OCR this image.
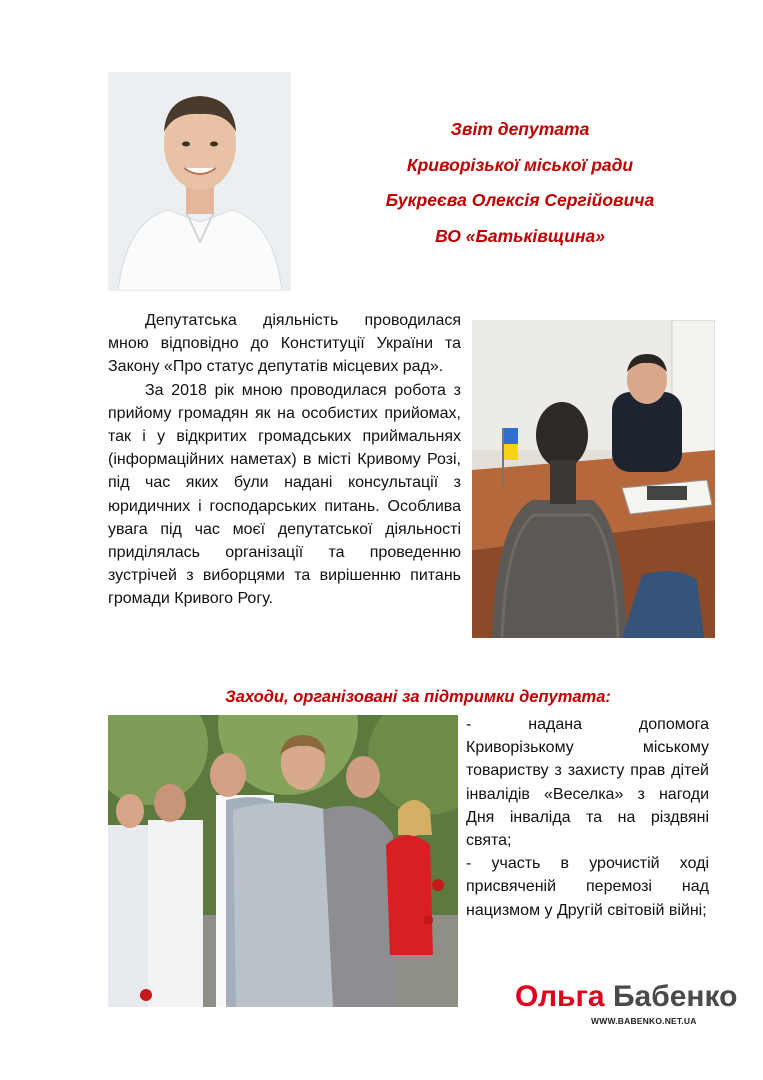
Звіт депутата
Криворізької міської ради
Букреєва Олексія Сергійовича
ВО «Батьківщина»

Депутатська діяльність проводилася мною відповідно до Конституції України та Закону «Про статус депутатів місцевих рад».

За 2018 рік мною проводилася робота з прийому громадян як на особистих прийомах, так і у відкритих громадських приймальнях (інформаційних наметах) в місті Кривому Розі, під час яких були надані консультації з юридичних і господарських питань. Особлива увага під час моєї депутатської діяльності приділялась організації та проведенню зустрічей з виборцями та вирішенню питань громади Кривого Рогу.

Заходи, організовані за підтримки депутата:

- надана допомога Криворізькому міському товариству з захисту прав дітей інвалідів «Веселка» з нагоди Дня інваліда та на різдвяні свята;

- участь в урочистій ході присвяченій перемозі над нацизмом у Другій світовій війні;

Ольга Бабенко
WWW.BABENKO.NET.UA
